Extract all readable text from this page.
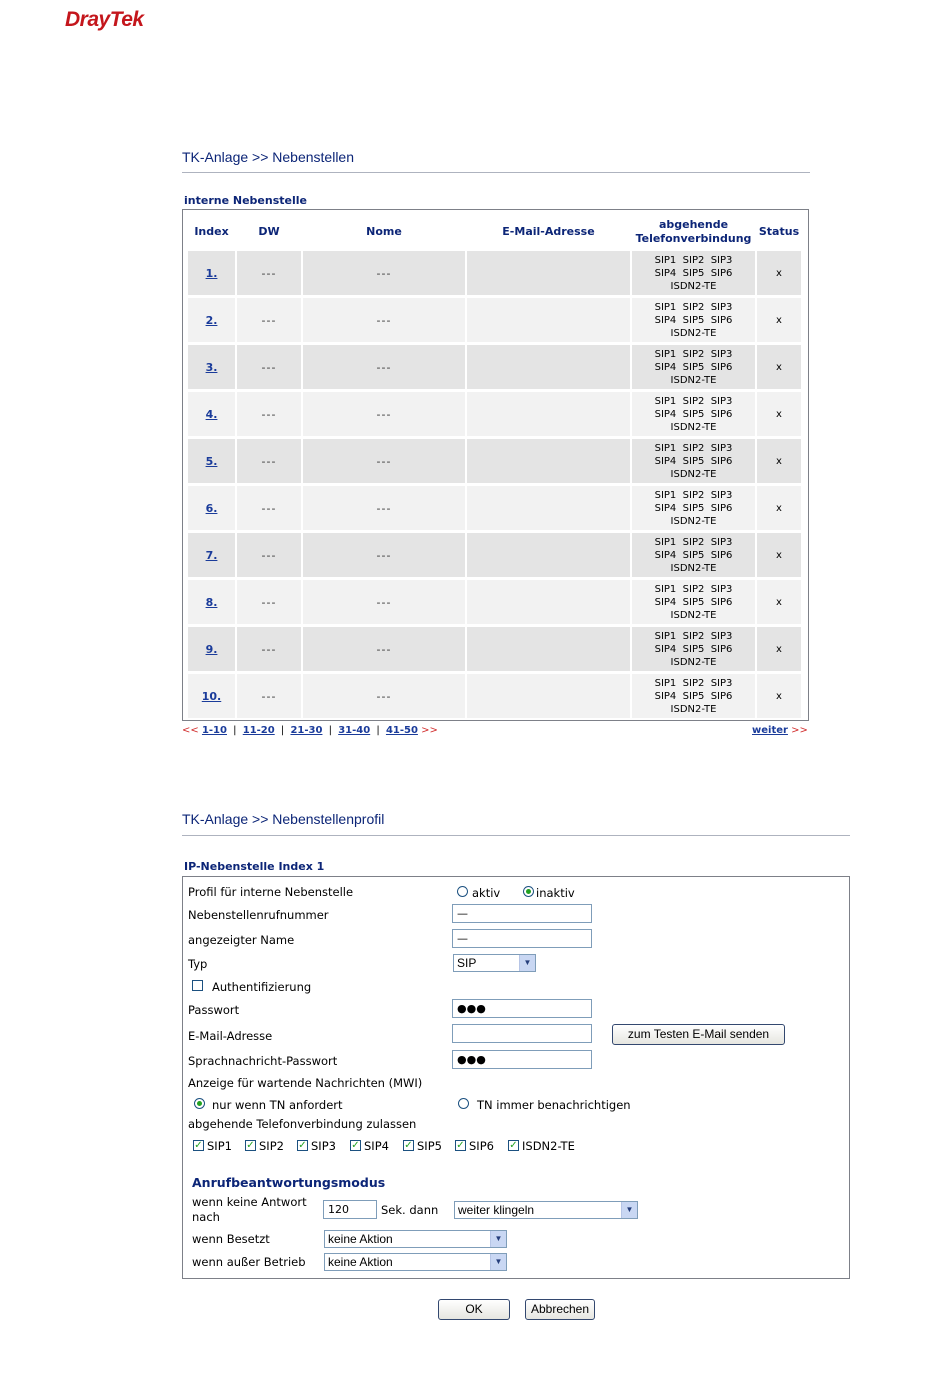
DrayTek
TK-Anlage >> Nebenstellen
interne Nebenstelle
Index	DW	Nome	E-Mail-Adresse	abgehende
Telefonverbindung	Status
1.	---	---		SIP1  SIP2  SIP3
SIP4  SIP5  SIP6
ISDN2-TE	x
2.	---	---		SIP1  SIP2  SIP3
SIP4  SIP5  SIP6
ISDN2-TE	x
3.	---	---		SIP1  SIP2  SIP3
SIP4  SIP5  SIP6
ISDN2-TE	x
4.	---	---		SIP1  SIP2  SIP3
SIP4  SIP5  SIP6
ISDN2-TE	x
5.	---	---		SIP1  SIP2  SIP3
SIP4  SIP5  SIP6
ISDN2-TE	x
6.	---	---		SIP1  SIP2  SIP3
SIP4  SIP5  SIP6
ISDN2-TE	x
7.	---	---		SIP1  SIP2  SIP3
SIP4  SIP5  SIP6
ISDN2-TE	x
8.	---	---		SIP1  SIP2  SIP3
SIP4  SIP5  SIP6
ISDN2-TE	x
9.	---	---		SIP1  SIP2  SIP3
SIP4  SIP5  SIP6
ISDN2-TE	x
10.	---	---		SIP1  SIP2  SIP3
SIP4  SIP5  SIP6
ISDN2-TE	x
<< 1-10 | 11-20 | 21-30 | 31-40 | 41-50 >>	weiter >>
TK-Anlage >> Nebenstellenprofil
IP-Nebenstelle Index 1
Profil für interne Nebenstelle	aktiv	inaktiv
Nebenstellenrufnummer	—
angezeigter Name	—
Typ	SIP	▼
Authentifizierung
Passwort	●●●
E-Mail-Adresse	zum Testen E-Mail senden
Sprachnachricht-Passwort	●●●
Anzeige für wartende Nachrichten (MWI)
nur wenn TN anfordert	TN immer benachrichtigen
abgehende Telefonverbindung zulassen
✓ SIP1 ✓ SIP2 ✓ SIP3 ✓ SIP4 ✓ SIP5 ✓ SIP6 ✓ ISDN2-TE
Anrufbeantwortungsmodus
wenn keine Antwort
nach
120	Sek. dann	weiter klingeln	▼
wenn Besetzt	keine Aktion	▼
wenn außer Betrieb	keine Aktion	▼
OK	Abbrechen
